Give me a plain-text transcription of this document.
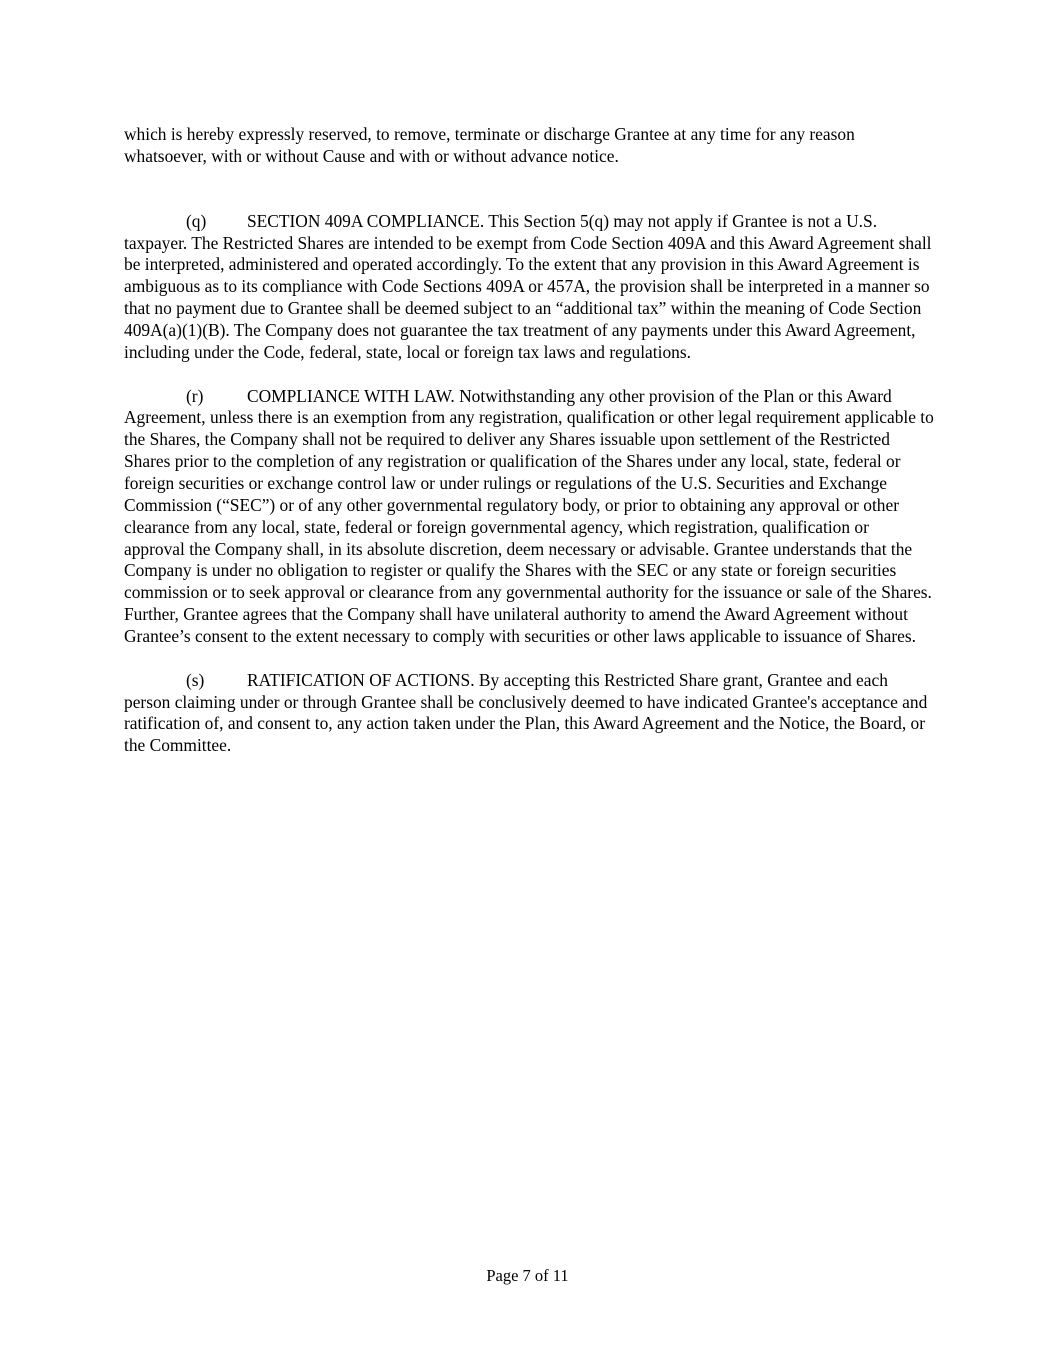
which is hereby expressly reserved, to remove, terminate or discharge Grantee at any time for any reason whatsoever, with or without Cause and with or without advance notice.

(q) SECTION 409A COMPLIANCE. This Section 5(q) may not apply if Grantee is not a U.S. taxpayer. The Restricted Shares are intended to be exempt from Code Section 409A and this Award Agreement shall be interpreted, administered and operated accordingly. To the extent that any provision in this Award Agreement is ambiguous as to its compliance with Code Sections 409A or 457A, the provision shall be interpreted in a manner so that no payment due to Grantee shall be deemed subject to an “additional tax” within the meaning of Code Section 409A(a)(1)(B). The Company does not guarantee the tax treatment of any payments under this Award Agreement, including under the Code, federal, state, local or foreign tax laws and regulations.

(r)	COMPLIANCE WITH LAW. Notwithstanding any other provision of the Plan or this Award Agreement, unless there is an exemption from any registration, qualification or other legal requirement applicable to the Shares, the Company shall not be required to deliver any Shares issuable upon settlement of the Restricted Shares prior to the completion of any registration or qualification of the Shares under any local, state, federal or foreign securities or exchange control law or under rulings or regulations of the U.S. Securities and Exchange Commission (“SEC”) or of any other governmental regulatory body, or prior to obtaining any approval or other clearance from any local, state, federal or foreign governmental agency, which registration, qualification or approval the Company shall, in its absolute discretion, deem necessary or advisable. Grantee understands that the Company is under no obligation to register or qualify the Shares with the SEC or any state or foreign securities commission or to seek approval or clearance from any governmental authority for the issuance or sale of the Shares. Further, Grantee agrees that the Company shall have unilateral authority to amend the Award Agreement without Grantee’s consent to the extent necessary to comply with securities or other laws applicable to issuance of Shares.

(s) RATIFICATION OF ACTIONS. By accepting this Restricted Share grant, Grantee and each person claiming under or through Grantee shall be conclusively deemed to have indicated Grantee's acceptance and ratification of, and consent to, any action taken under the Plan, this Award Agreement and the Notice, the Board, or the Committee.

Page 7 of 11
